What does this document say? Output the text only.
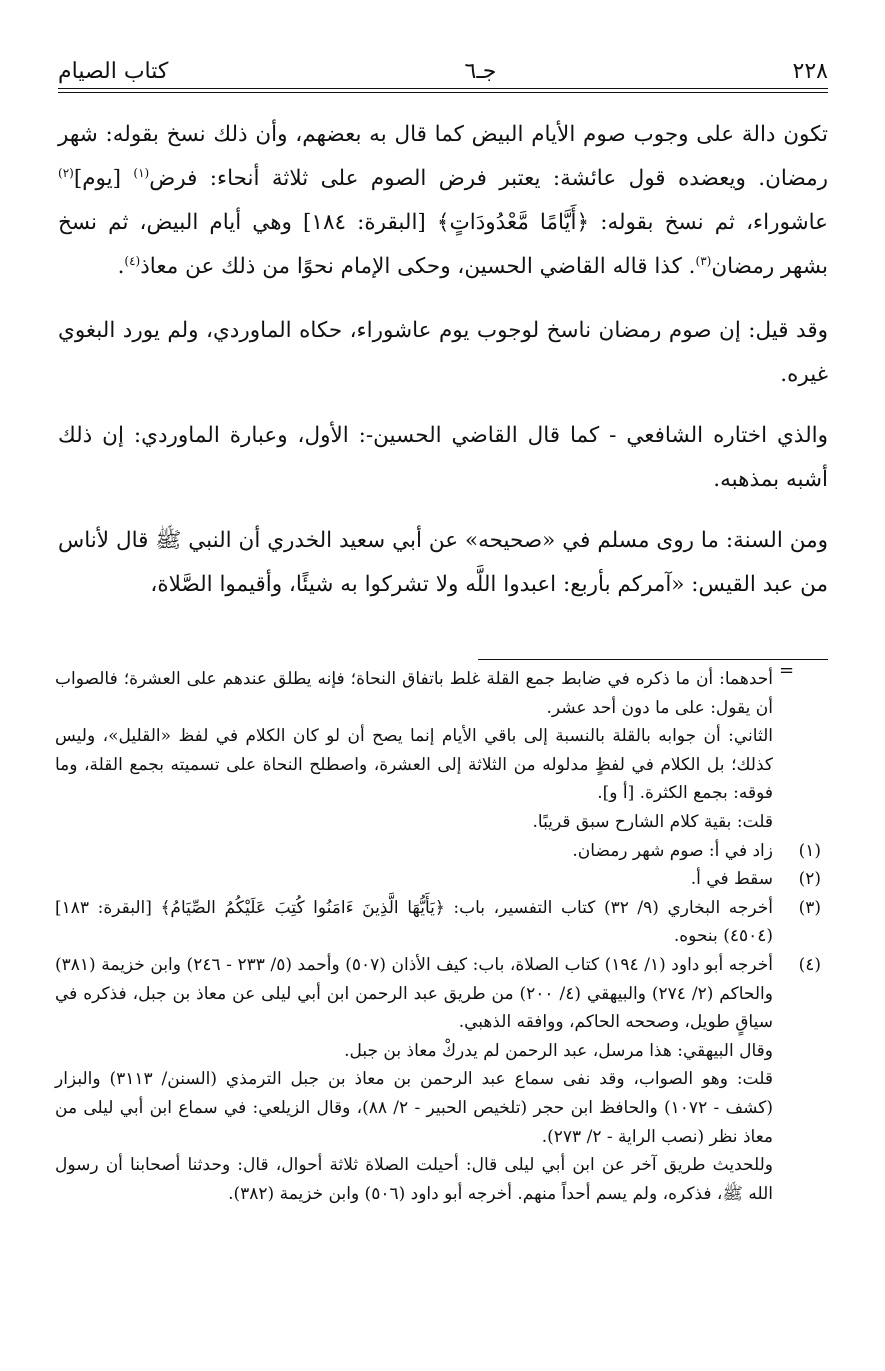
٢٢٨
جـ٦
كتاب الصيام

تكون دالة على وجوب صوم الأيام البيض كما قال به بعضهم، وأن ذلك نسخ بقوله: شهر رمضان. ويعضده قول عائشة: يعتبر فرض الصوم على ثلاثة أنحاء: فرض$^{(١)}$ [يوم]$^{(٢)}$ عاشوراء، ثم نسخ بقوله: ﴿أَيَّامًا مَّعْدُودَاتٍ﴾ [البقرة: ١٨٤] وهي أيام البيض، ثم نسخ بشهر رمضان$^{(٣)}$. كذا قاله القاضي الحسين، وحكى الإمام نحوًا من ذلك عن معاذ$^{(٤)}$.

وقد قيل: إن صوم رمضان ناسخ لوجوب يوم عاشوراء، حكاه الماوردي، ولم يورد البغوي غيره.

والذي اختاره الشافعي - كما قال القاضي الحسين-: الأول، وعبارة الماوردي: إن ذلك أشبه بمذهبه.

ومن السنة: ما روى مسلم في «صحيحه» عن أبي سعيد الخدري أن النبي ﷺ قال لأناس من عبد القيس: «آمركم بأربع: اعبدوا اللَّه ولا تشركوا به شيئًا، وأقيموا الصَّلاة،

=

أحدهما: أن ما ذكره في ضابط جمع القلة غلط باتفاق النحاة؛ فإنه يطلق عندهم على العشرة؛ فالصواب أن يقول: على ما دون أحد عشر.

الثاني: أن جوابه بالقلة بالنسبة إلى باقي الأيام إنما يصح أن لو كان الكلام في لفظ «القليل»، وليس كذلك؛ بل الكلام في لفظٍ مدلوله من الثلاثة إلى العشرة، واصطلح النحاة على تسميته بجمع القلة، وما فوقه: بجمع الكثرة. [أ و].

قلت: بقية كلام الشارح سبق قريبًا.

(١)

زاد في أ: صوم شهر رمضان.

(٢)

سقط في أ.

(٣)

أخرجه البخاري (٩/ ٣٢) كتاب التفسير، باب: ﴿يَأَيُّهَا الَّذِينَ ءَامَنُوا كُتِبَ عَلَيْكُمُ الصِّيَامُ﴾ [البقرة: ١٨٣] (٤٥٠٤) بنحوه.

(٤)

أخرجه أبو داود (١/ ١٩٤) كتاب الصلاة، باب: كيف الأذان (٥٠٧) وأحمد (٥/ ٢٣٣ - ٢٤٦) وابن خزيمة (٣٨١) والحاكم (٢/ ٢٧٤) والبيهقي (٤/ ٢٠٠) من طريق عبد الرحمن ابن أبي ليلى عن معاذ بن جبل، فذكره في سياقٍ طويل، وصححه الحاكم، ووافقه الذهبي.

وقال البيهقي: هذا مرسل، عبد الرحمن لم يدركْ معاذ بن جبل.

قلت: وهو الصواب، وقد نفى سماع عبد الرحمن بن معاذ بن جبل الترمذي (السنن/ ٣١١٣) والبزار (كشف - ١٠٧٢) والحافظ ابن حجر (تلخيص الحبير - ٢/ ٨٨)، وقال الزيلعي: في سماع ابن أبي ليلى من معاذ نظر (نصب الراية - ٢/ ٢٧٣).

وللحديث طريق آخر عن ابن أبي ليلى قال: أحيلت الصلاة ثلاثة أحوال، قال: وحدثنا أصحابنا أن رسول الله ﷺ، فذكره، ولم يسم أحداً منهم. أخرجه أبو داود (٥٠٦) وابن خزيمة (٣٨٢).
